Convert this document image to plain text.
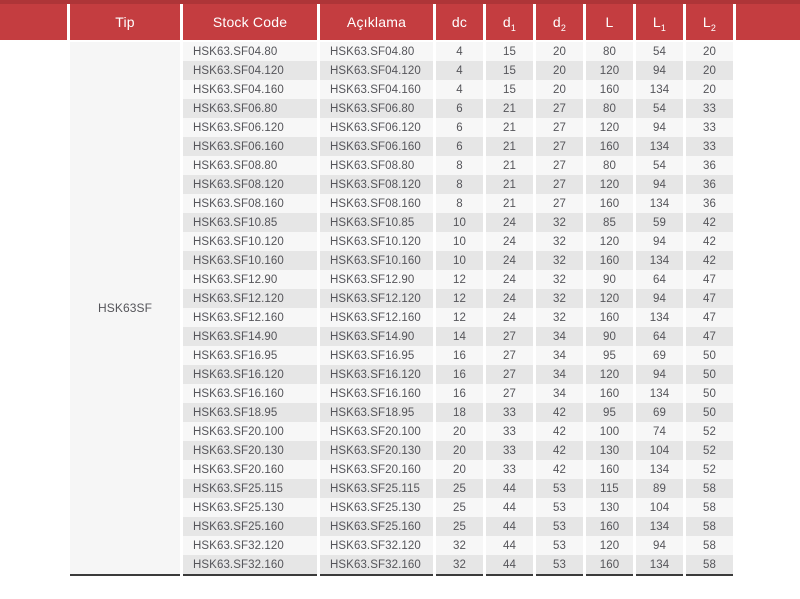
	Tip	Stock Code	Açıklama	dc	$d_1$	$d_2$	L	$L_1$	$L_2$	
	HSK63SF	HSK63.SF04.80	HSK63.SF04.80	4	15	20	80	54	20	
		HSK63.SF04.120	HSK63.SF04.120	4	15	20	120	94	20	
		HSK63.SF04.160	HSK63.SF04.160	4	15	20	160	134	20	
		HSK63.SF06.80	HSK63.SF06.80	6	21	27	80	54	33	
		HSK63.SF06.120	HSK63.SF06.120	6	21	27	120	94	33	
		HSK63.SF06.160	HSK63.SF06.160	6	21	27	160	134	33	
		HSK63.SF08.80	HSK63.SF08.80	8	21	27	80	54	36	
		HSK63.SF08.120	HSK63.SF08.120	8	21	27	120	94	36	
		HSK63.SF08.160	HSK63.SF08.160	8	21	27	160	134	36	
		HSK63.SF10.85	HSK63.SF10.85	10	24	32	85	59	42	
		HSK63.SF10.120	HSK63.SF10.120	10	24	32	120	94	42	
		HSK63.SF10.160	HSK63.SF10.160	10	24	32	160	134	42	
		HSK63.SF12.90	HSK63.SF12.90	12	24	32	90	64	47	
		HSK63.SF12.120	HSK63.SF12.120	12	24	32	120	94	47	
		HSK63.SF12.160	HSK63.SF12.160	12	24	32	160	134	47	
		HSK63.SF14.90	HSK63.SF14.90	14	27	34	90	64	47	
		HSK63.SF16.95	HSK63.SF16.95	16	27	34	95	69	50	
		HSK63.SF16.120	HSK63.SF16.120	16	27	34	120	94	50	
		HSK63.SF16.160	HSK63.SF16.160	16	27	34	160	134	50	
		HSK63.SF18.95	HSK63.SF18.95	18	33	42	95	69	50	
		HSK63.SF20.100	HSK63.SF20.100	20	33	42	100	74	52	
		HSK63.SF20.130	HSK63.SF20.130	20	33	42	130	104	52	
		HSK63.SF20.160	HSK63.SF20.160	20	33	42	160	134	52	
		HSK63.SF25.115	HSK63.SF25.115	25	44	53	115	89	58	
		HSK63.SF25.130	HSK63.SF25.130	25	44	53	130	104	58	
		HSK63.SF25.160	HSK63.SF25.160	25	44	53	160	134	58	
		HSK63.SF32.120	HSK63.SF32.120	32	44	53	120	94	58	
		HSK63.SF32.160	HSK63.SF32.160	32	44	53	160	134	58	
